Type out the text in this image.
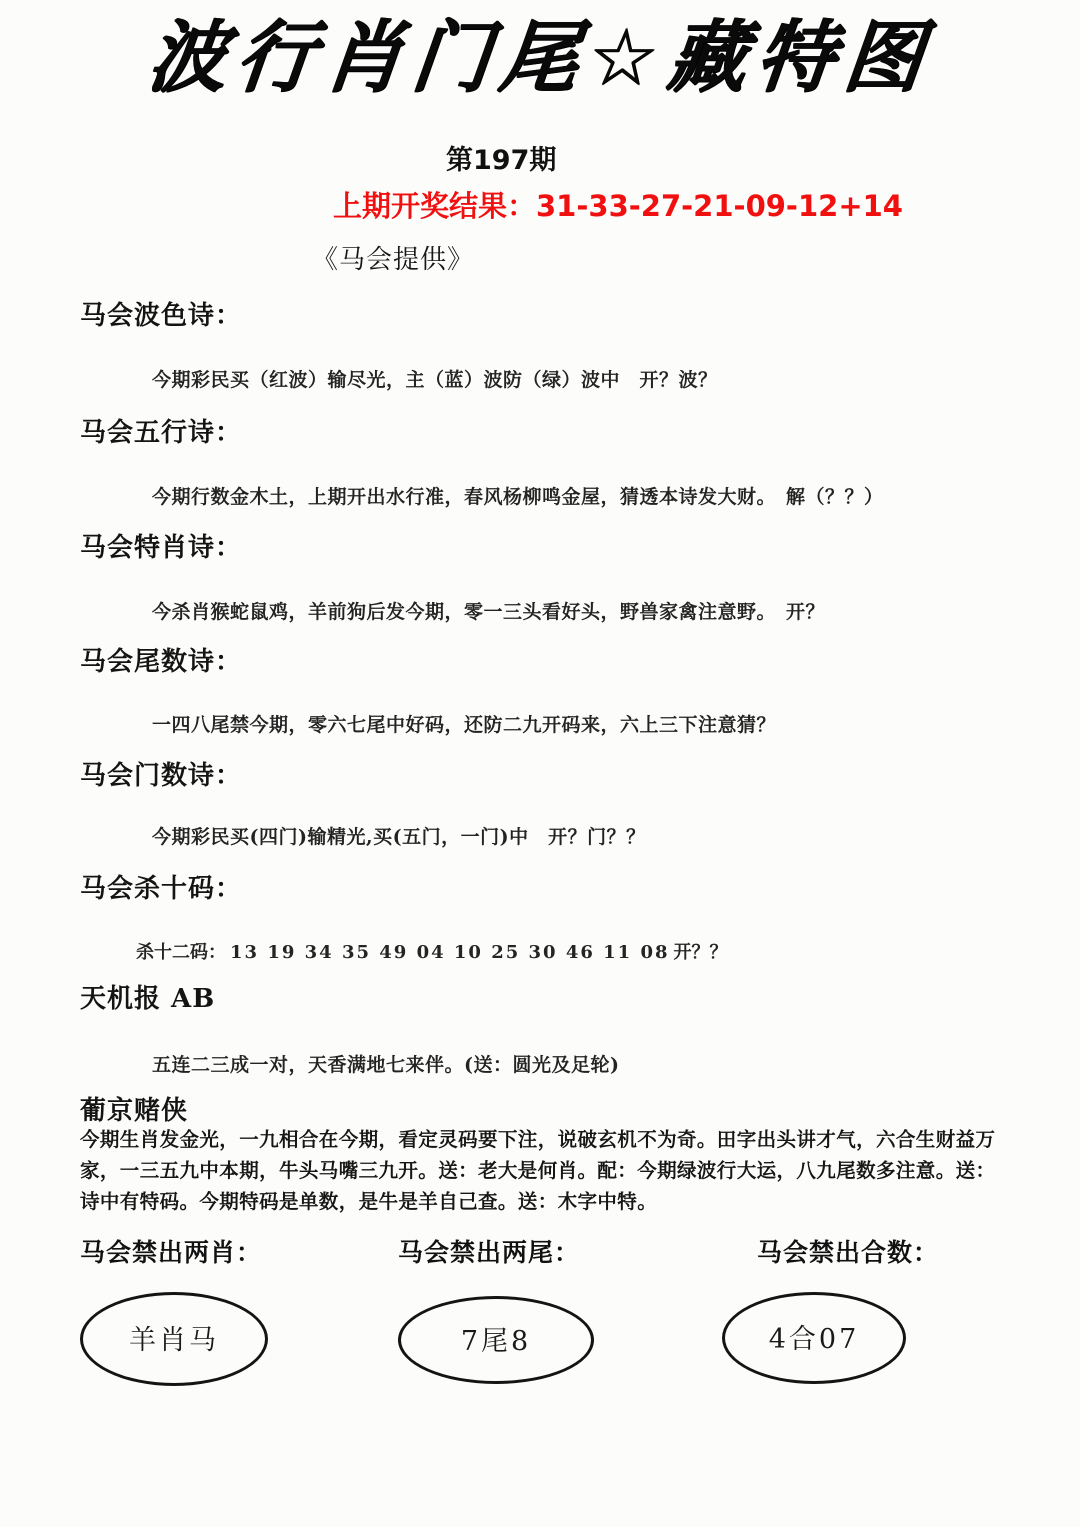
波行肖门尾☆藏特图
第197期
上期开奖结果：31-33-27-21-09-12+14
《马会提供》
马会波色诗：
今期彩民买（红波）输尽光，主（蓝）波防（绿）波中　开？波？
马会五行诗：
今期行数金木土，上期开出水行准，春风杨柳鸣金屋，猜透本诗发大财。　解（？？）
马会特肖诗：
今杀肖猴蛇鼠鸡，羊前狗后发今期，零一三头看好头，野兽家禽注意野。　开？
马会尾数诗：
一四八尾禁今期，零六七尾中好码，还防二九开码来，六上三下注意猜？
马会门数诗：
今期彩民买(四门)输精光,买(五门，一门)中　开？门？？
马会杀十码：
杀十二码： 13 19 34 35 49 04 10 25 30 46 11 08 开？？
天机报 AB
五连二三成一对，天香满地七来伴。(送：圆光及足轮)
葡京赌侠
今期生肖发金光，一九相合在今期，看定灵码要下注，说破玄机不为奇。田字出头讲才气，六合生财益万
家，一三五九中本期，牛头马嘴三九开。送：老大是何肖。配：今期绿波行大运，八九尾数多注意。送：
诗中有特码。今期特码是单数，是牛是羊自己查。送：木字中特。
马会禁出两肖：	马会禁出两尾：	马会禁出合数：
羊肖马	7尾8	4合07
